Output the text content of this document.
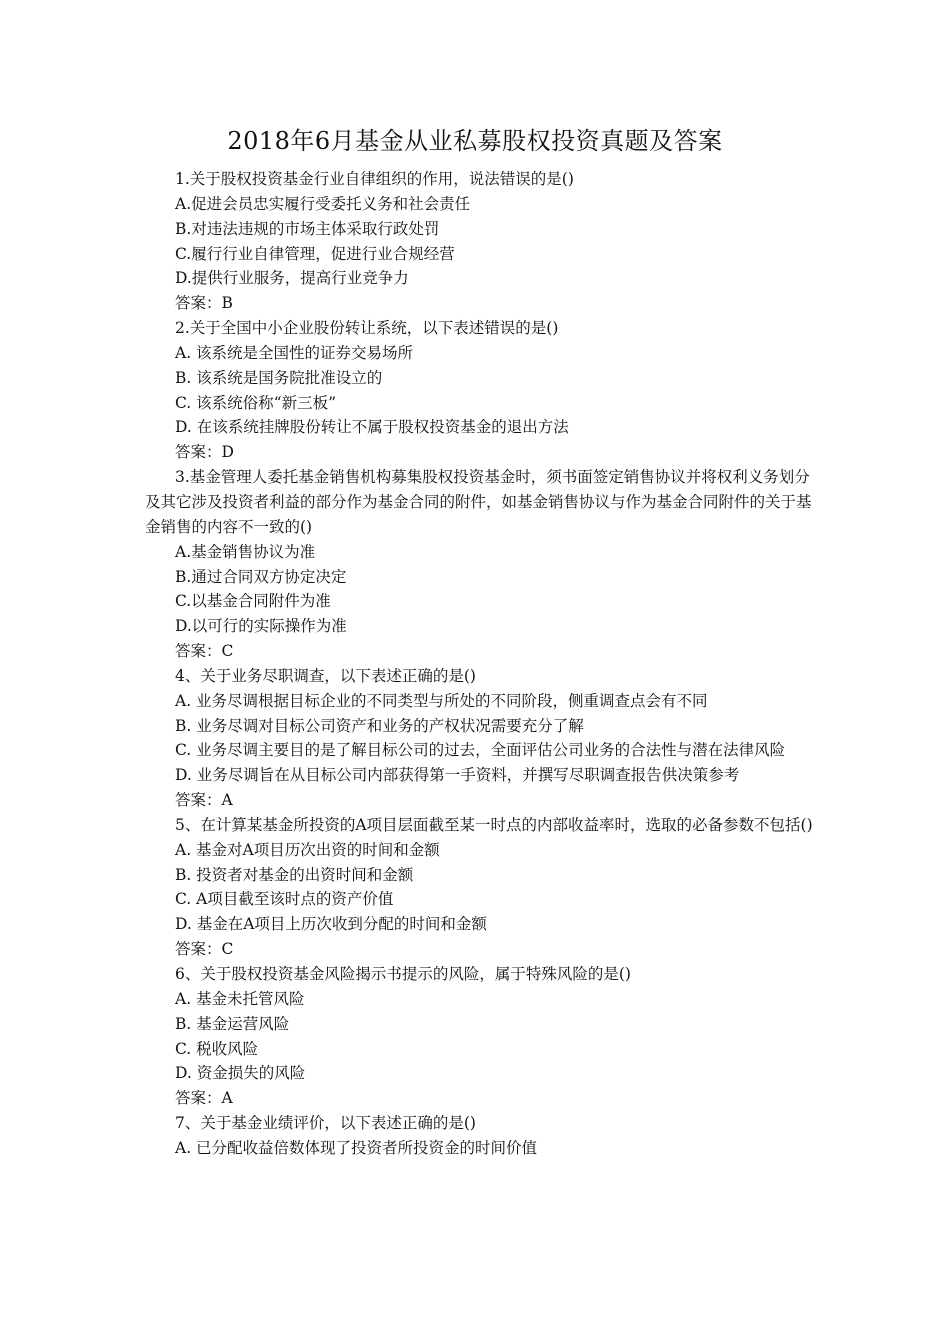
2018年6月基金从业私募股权投资真题及答案
1.关于股权投资基金行业自律组织的作用，说法错误的是()
A.促进会员忠实履行受委托义务和社会责任
B.对违法违规的市场主体采取行政处罚
C.履行行业自律管理，促进行业合规经营
D.提供行业服务，提高行业竞争力
答案：B
2.关于全国中小企业股份转让系统，以下表述错误的是()
A. 该系统是全国性的证券交易场所
B. 该系统是国务院批准设立的
C. 该系统俗称“新三板”
D. 在该系统挂牌股份转让不属于股权投资基金的退出方法
答案：D
3.基金管理人委托基金销售机构募集股权投资基金时，须书面签定销售协议并将权利义务划分及其它涉及投资者利益的部分作为基金合同的附件，如基金销售协议与作为基金合同附件的关于基金销售的内容不一致的()
A.基金销售协议为准
B.通过合同双方协定决定
C.以基金合同附件为准
D.以可行的实际操作为准
答案：C
4、关于业务尽职调查，以下表述正确的是()
A. 业务尽调根据目标企业的不同类型与所处的不同阶段，侧重调查点会有不同
B. 业务尽调对目标公司资产和业务的产权状况需要充分了解
C. 业务尽调主要目的是了解目标公司的过去，全面评估公司业务的合法性与潜在法律风险
D. 业务尽调旨在从目标公司内部获得第一手资料，并撰写尽职调查报告供决策参考
答案：A
5、在计算某基金所投资的A项目层面截至某一时点的内部收益率时，选取的必备参数不包括()
A. 基金对A项目历次出资的时间和金额
B. 投资者对基金的出资时间和金额
C. A项目截至该时点的资产价值
D. 基金在A项目上历次收到分配的时间和金额
答案：C
6、关于股权投资基金风险揭示书提示的风险，属于特殊风险的是()
A. 基金未托管风险
B. 基金运营风险
C. 税收风险
D. 资金损失的风险
答案：A
7、关于基金业绩评价，以下表述正确的是()
A. 已分配收益倍数体现了投资者所投资金的时间价值
